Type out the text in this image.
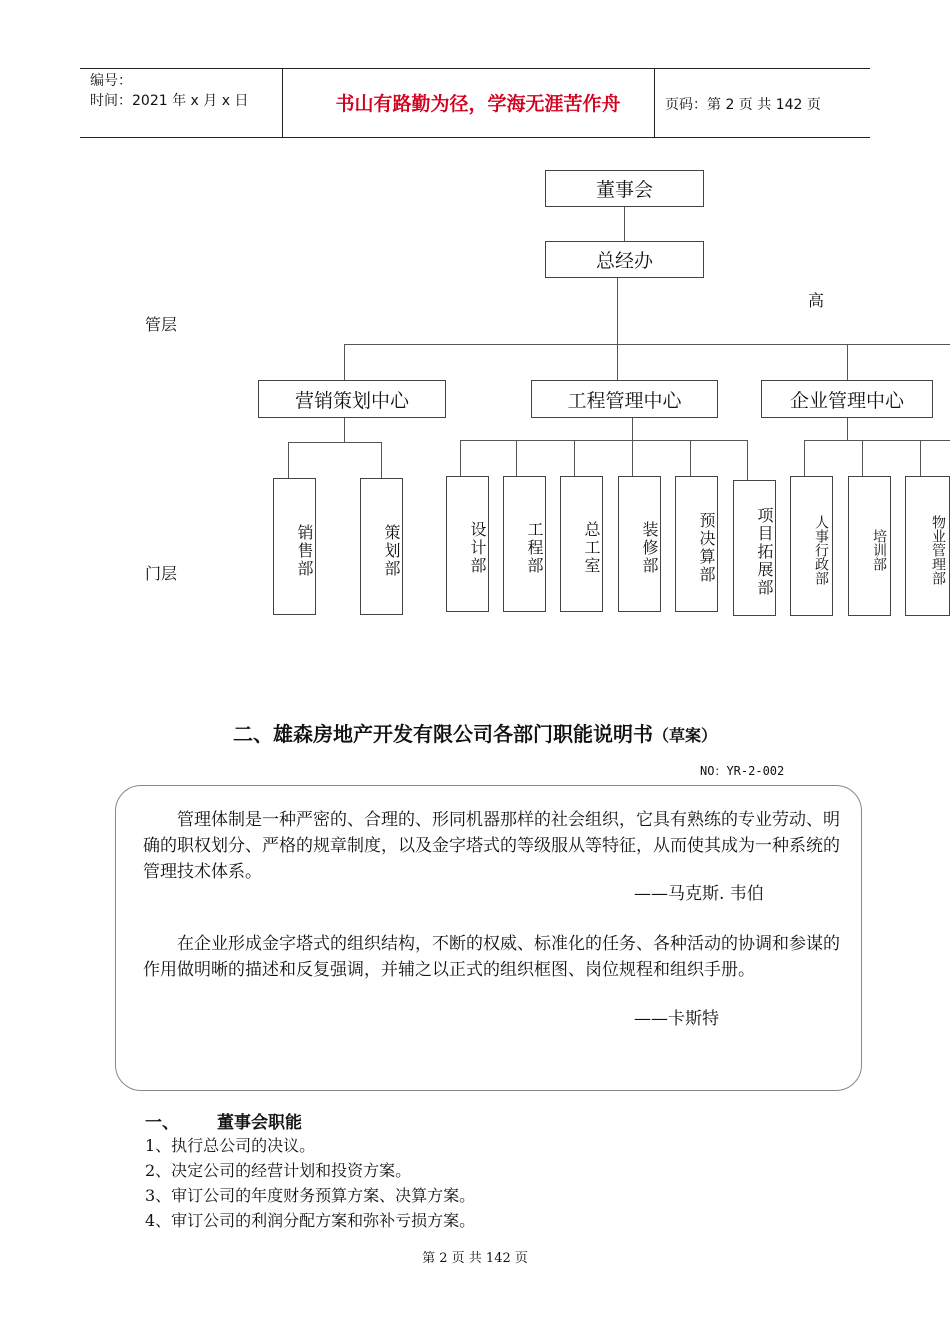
编号：
时间：2021 年 x 月 x 日	书山有路勤为径，学海无涯苦作舟	页码：第 2 页 共 142 页
董事会
总经办
高
管层
营销策划中心	工程管理中心	企业管理中心
销售部	策划部	设计部	工程部	总工室	装修部	预决算部	项目拓展部	人事行政部	培训部	物业管理部
门层
二、雄森房地产开发有限公司各部门职能说明书（草案）
NO：YR-2-002

管理体制是一种严密的、合理的、形同机器那样的社会组织，它具有熟练的专业劳动、明确的职权划分、严格的规章制度，以及金字塔式的等级服从等特征，从而使其成为一种系统的管理技术体系。

——马克斯. 韦伯

在企业形成金字塔式的组织结构，不断的权威、标准化的任务、各种活动的协调和参谋的作用做明晰的描述和反复强调，并辅之以正式的组织框图、岗位规程和组织手册。

——卡斯特
一、 董事会职能
1、执行总公司的决议。
2、决定公司的经营计划和投资方案。
3、审订公司的年度财务预算方案、决算方案。
4、审订公司的利润分配方案和弥补亏损方案。
第 2 页 共 142 页
